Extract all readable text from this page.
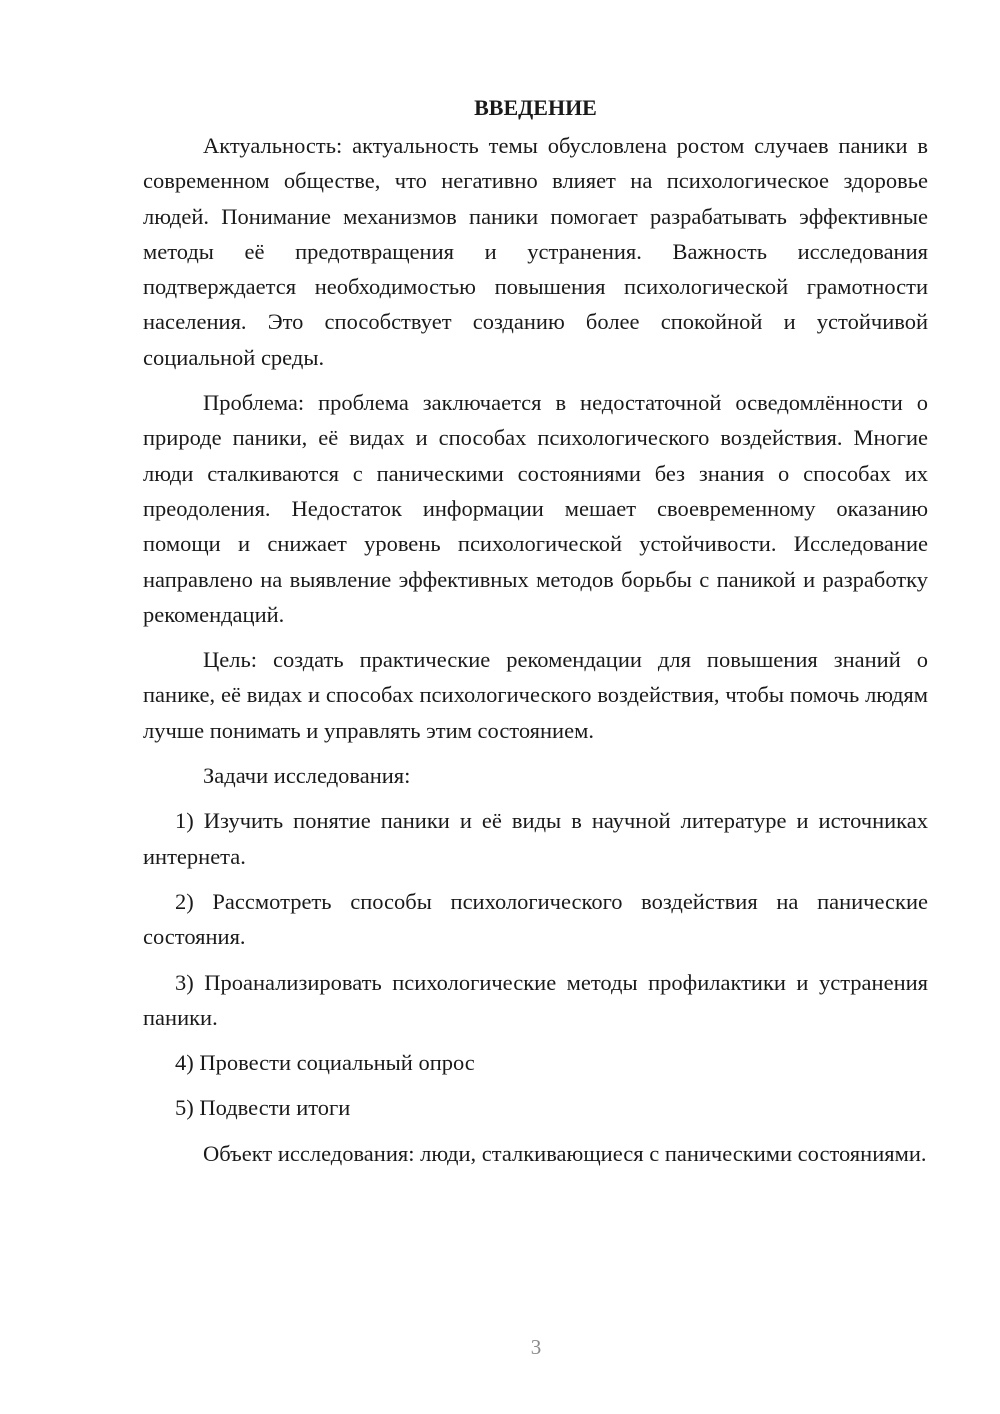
ВВЕДЕНИЕ

Актуальность: актуальность темы обусловлена ростом случаев паники в современном обществе, что негативно влияет на психологическое здоровье людей. Понимание механизмов паники помогает разрабатывать эффективные методы её предотвращения и устранения. Важность исследования подтверждается необходимостью повышения психологической грамотности населения. Это способствует созданию более спокойной и устойчивой социальной среды.

Проблема: проблема заключается в недостаточной осведомлённости о природе паники, её видах и способах психологического воздействия. Многие люди сталкиваются с паническими состояниями без знания о способах их преодоления. Недостаток информации мешает своевременному оказанию помощи и снижает уровень психологической устойчивости. Исследование направлено на выявление эффективных методов борьбы с паникой и разработку рекомендаций.

Цель: создать практические рекомендации для повышения знаний о панике, её видах и способах психологического воздействия, чтобы помочь людям лучше понимать и управлять этим состоянием.

Задачи исследования:

1) Изучить понятие паники и её виды в научной литературе и источниках интернета.

2) Рассмотреть способы психологического воздействия на панические состояния.

3) Проанализировать психологические методы профилактики и устранения паники.

4) Провести социальный опрос

5) Подвести итоги

Объект исследования: люди, сталкивающиеся с паническими состояниями.

3
